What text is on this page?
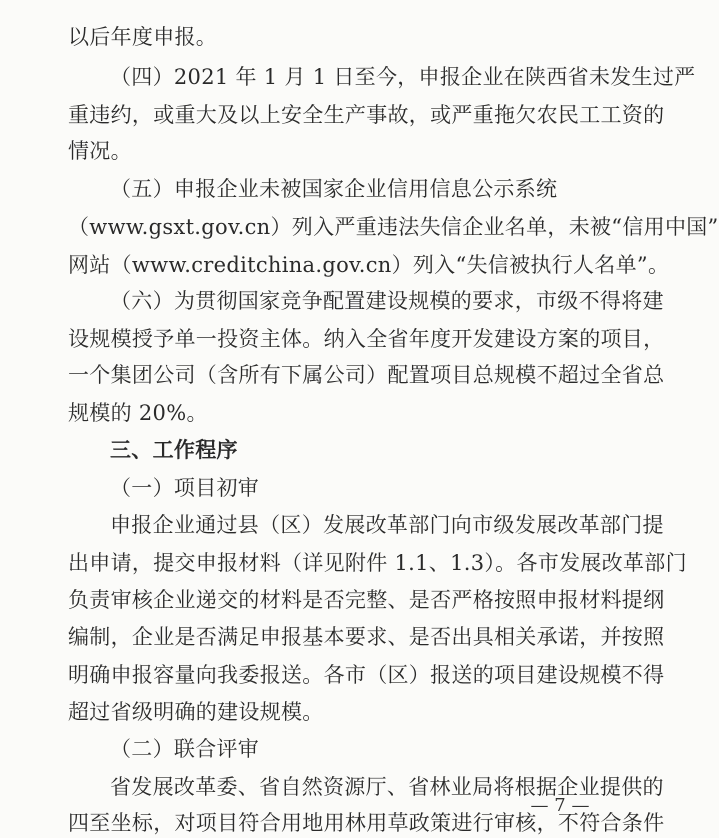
以后年度申报。
（四）2021 年 1 月 1 日至今，申报企业在陕西省未发生过严
重违约，或重大及以上安全生产事故，或严重拖欠农民工工资的
情况。
（五）申报企业未被国家企业信用信息公示系统
（www.gsxt.gov.cn）列入严重违法失信企业名单，未被“信用中国”
网站（www.creditchina.gov.cn）列入“失信被执行人名单”。
（六）为贯彻国家竞争配置建设规模的要求，市级不得将建
设规模授予单一投资主体。纳入全省年度开发建设方案的项目，
一个集团公司（含所有下属公司）配置项目总规模不超过全省总
规模的 20%。
三、工作程序
（一）项目初审
申报企业通过县（区）发展改革部门向市级发展改革部门提
出申请，提交申报材料（详见附件 1.1、1.3）。各市发展改革部门
负责审核企业递交的材料是否完整、是否严格按照申报材料提纲
编制，企业是否满足申报基本要求、是否出具相关承诺，并按照
明确申报容量向我委报送。各市（区）报送的项目建设规模不得
超过省级明确的建设规模。
（二）联合评审
省发展改革委、省自然资源厅、省林业局将根据企业提供的
四至坐标，对项目符合用地用林用草政策进行审核，不符合条件
— 7 —
